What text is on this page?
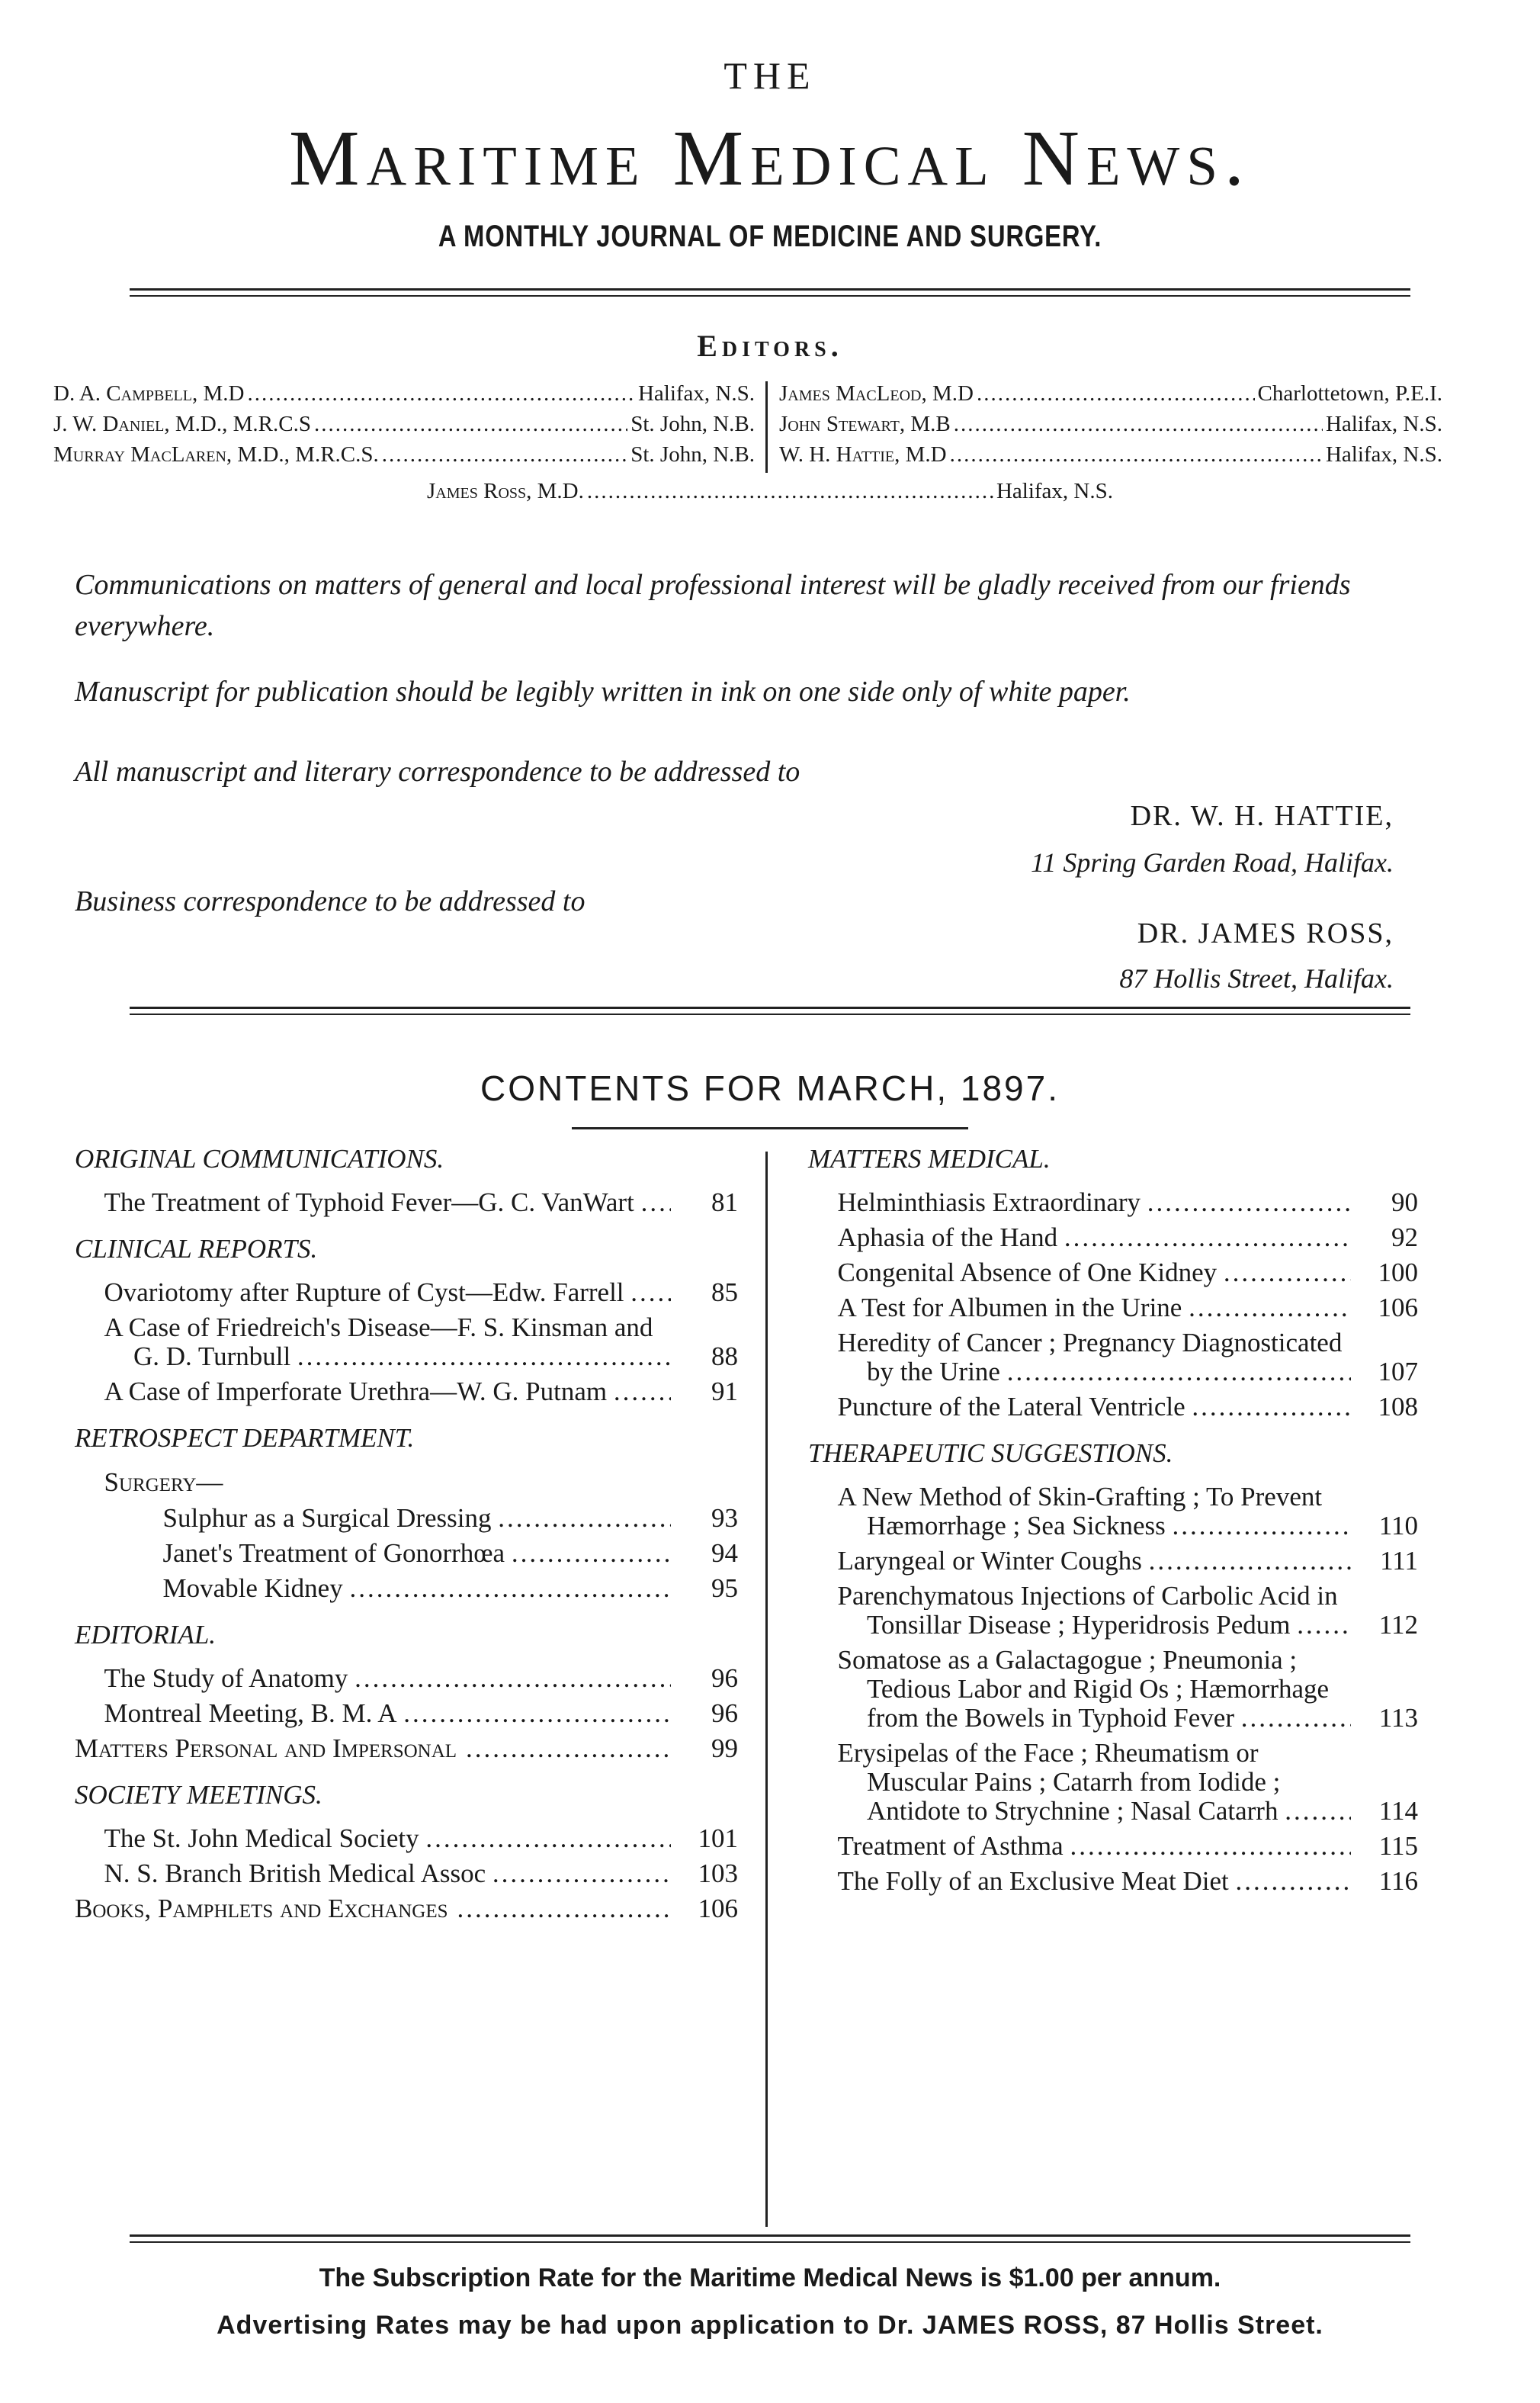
THE
Maritime Medical News.
A MONTHLY JOURNAL OF MEDICINE AND SURGERY.
Editors.
D. A. Campbell, M.D .....	Halifax, N.S.
J. W. Daniel, M.D., M.R.C.S .....	St. John, N.B.
Murray MacLaren, M.D., M.R.C.S. .....	St. John, N.B.
James MacLeod, M.D .....	Charlottetown, P.E.I.
John Stewart, M.B .....	Halifax, N.S.
W. H. Hattie, M.D .....	Halifax, N.S.
James Ross, M.D. .....	Halifax, N.S.
Communications on matters of general and local professional interest will be gladly received from our friends everywhere.
Manuscript for publication should be legibly written in ink on one side only of white paper.
All manuscript and literary correspondence to be addressed to
DR. W. H. HATTIE,
11 Spring Garden Road, Halifax.
Business correspondence to be addressed to
DR. JAMES ROSS,
87 Hollis Street, Halifax.
CONTENTS FOR MARCH, 1897.
ORIGINAL COMMUNICATIONS.
The Treatment of Typhoid Fever—G. C. VanWart .....	81
CLINICAL REPORTS.
Ovariotomy after Rupture of Cyst—Edw. Farrell .....	85
A Case of Friedreich's Disease—F. S. Kinsman and G. D. Turnbull .....	88
A Case of Imperforate Urethra—W. G. Putnam .....	91
RETROSPECT DEPARTMENT.
Surgery—
Sulphur as a Surgical Dressing .....	93
Janet's Treatment of Gonorrhœa .....	94
Movable Kidney .....	95
EDITORIAL.
The Study of Anatomy .....	96
Montreal Meeting, B. M. A .....	96
Matters Personal and Impersonal .....	99
SOCIETY MEETINGS.
The St. John Medical Society .....	101
N. S. Branch British Medical Assoc .....	103
Books, Pamphlets and Exchanges .....	106
MATTERS MEDICAL.
Helminthiasis Extraordinary .....	90
Aphasia of the Hand .....	92
Congenital Absence of One Kidney .....	100
A Test for Albumen in the Urine .....	106
Heredity of Cancer ; Pregnancy Diagnosticated by the Urine .....	107
Puncture of the Lateral Ventricle .....	108
THERAPEUTIC SUGGESTIONS.
A New Method of Skin-Grafting ; To Prevent Hæmorrhage ; Sea Sickness .....	110
Laryngeal or Winter Coughs .....	111
Parenchymatous Injections of Carbolic Acid in Tonsillar Disease ; Hyperidrosis Pedum .....	112
Somatose as a Galactagogue ; Pneumonia ; Tedious Labor and Rigid Os ; Hæmorrhage from the Bowels in Typhoid Fever .....	113
Erysipelas of the Face ; Rheumatism or Muscular Pains ; Catarrh from Iodide ; Antidote to Strychnine ; Nasal Catarrh .....	114
Treatment of Asthma .....	115
The Folly of an Exclusive Meat Diet .....	116
The Subscription Rate for the Maritime Medical News is $1.00 per annum.
Advertising Rates may be had upon application to Dr. JAMES ROSS, 87 Hollis Street.
